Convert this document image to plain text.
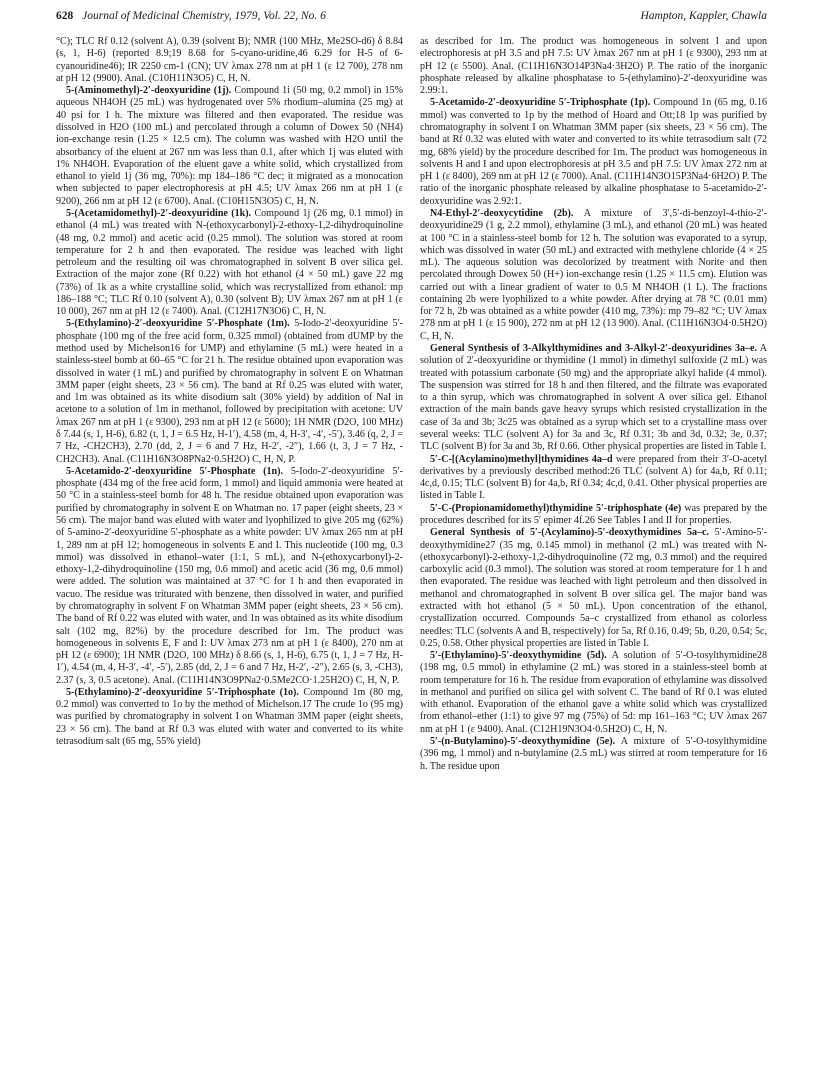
628 Journal of Medicinal Chemistry, 1979, Vol. 22, No. 6	Hampton, Kappler, Chawla

°C); TLC Rf 0.12 (solvent A), 0.39 (solvent B); NMR (100 MHz, Me2SO-d6) δ 8.84 (s, 1, H-6) (reported 8.9;19 8.68 for 5-cyano-uridine,46 6.29 for H-5 of 6-cyanouridine46); IR 2250 cm-1 (CN); UV λmax 278 nm at pH 1 (ε 12 700), 278 nm at pH 12 (9900). Anal. (C10H11N3O5) C, H, N.

5-(Aminomethyl)-2′-deoxyuridine (1j). Compound 1i (50 mg, 0.2 mmol) in 15% aqueous NH4OH (25 mL) was hydrogenated over 5% rhodium–alumina (25 mg) at 40 psi for 1 h. The mixture was filtered and then evaporated. The residue was dissolved in H2O (100 mL) and percolated through a column of Dowex 50 (NH4) ion-exchange resin (1.25 × 12.5 cm). The column was washed with H2O until the absorbancy of the eluent at 267 nm was less than 0.1, after which 1j was eluted with 1% NH4OH. Evaporation of the eluent gave a white solid, which crystallized from ethanol to yield 1j (36 mg, 70%): mp 184–186 °C dec; it migrated as a monocation when subjected to paper electrophoresis at pH 4.5; UV λmax 266 nm at pH 1 (ε 9200), 266 nm at pH 12 (ε 6700). Anal. (C10H15N3O5) C, H, N.

5-(Acetamidomethyl)-2′-deoxyuridine (1k). Compound 1j (26 mg, 0.1 mmol) in ethanol (4 mL) was treated with N-(ethoxycarbonyl)-2-ethoxy-1,2-dihydroquinoline (48 mg, 0.2 mmol) and acetic acid (0.25 mmol). The solution was stored at room temperature for 2 h and then evaporated. The residue was leached with light petroleum and the resulting oil was chromatographed in solvent B over silica gel. Extraction of the major zone (Rf 0.22) with hot ethanol (4 × 50 mL) gave 22 mg (73%) of 1k as a white crystalline solid, which was recrystallized from ethanol: mp 186–188 °C; TLC Rf 0.10 (solvent A), 0.30 (solvent B); UV λmax 267 nm at pH 1 (ε 10 000), 267 nm at pH 12 (ε 7400). Anal. (C12H17N3O6) C, H, N.

5-(Ethylamino)-2′-deoxyuridine 5′-Phosphate (1m). 5-Iodo-2′-deoxyuridine 5′-phosphate (100 mg of the free acid form, 0.325 mmol) (obtained from dUMP by the method used by Michelson16 for UMP) and ethylamine (5 mL) were heated in a stainless-steel bomb at 60–65 °C for 21 h. The residue obtained upon evaporation was dissolved in water (1 mL) and purified by chromatography in solvent E on Whatman 3MM paper (eight sheets, 23 × 56 cm). The band at Rf 0.25 was eluted with water, and 1m was obtained as its white disodium salt (30% yield) by addition of NaI in acetone to a solution of 1m in methanol, followed by precipitation with acetone: UV λmax 267 nm at pH 1 (ε 9300), 293 nm at pH 12 (ε 5600); 1H NMR (D2O, 100 MHz) δ 7.44 (s, 1, H-6), 6.82 (t, 1, J = 6.5 Hz, H-1′), 4.58 (m, 4, H-3′, -4′, -5′), 3.46 (q, 2, J = 7 Hz, -CH2CH3), 2.70 (dd, 2, J = 6 and 7 Hz, H-2′, -2″), 1.66 (t, 3, J = 7 Hz, -CH2CH3). Anal. (C11H16N3O8PNa2·0.5H2O) C, H, N, P.

5-Acetamido-2′-deoxyuridine 5′-Phosphate (1n). 5-Iodo-2′-deoxyuridine 5′-phosphate (434 mg of the free acid form, 1 mmol) and liquid ammonia were heated at 50 °C in a stainless-steel bomb for 48 h. The residue obtained upon evaporation was purified by chromatography in solvent E on Whatman no. 17 paper (eight sheets, 23 × 56 cm). The major band was eluted with water and lyophilized to give 205 mg (62%) of 5-amino-2′-deoxyuridine 5′-phosphate as a white powder: UV λmax 265 nm at pH 1, 289 nm at pH 12; homogeneous in solvents E and I. This nucleotide (100 mg, 0.3 mmol) was dissolved in ethanol–water (1:1, 5 mL), and N-(ethoxycarbonyl)-2-ethoxy-1,2-dihydroquinoline (150 mg, 0.6 mmol) and acetic acid (36 mg, 0.6 mmol) were added. The solution was maintained at 37 °C for 1 h and then evaporated in vacuo. The residue was triturated with benzene, then dissolved in water, and purified by chromatography in solvent F on Whatman 3MM paper (eight sheets, 23 × 56 cm). The band of Rf 0.22 was eluted with water, and 1n was obtained as its white disodium salt (102 mg, 82%) by the procedure described for 1m. The product was homogeneous in solvents E, F and I: UV λmax 273 nm at pH 1 (ε 8400), 270 nm at pH 12 (ε 6900); 1H NMR (D2O, 100 MHz) δ 8.66 (s, 1, H-6), 6.75 (t, 1, J = 7 Hz, H-1′), 4.54 (m, 4, H-3′, -4′, -5′), 2.85 (dd, 2, J = 6 and 7 Hz, H-2′, -2″), 2.65 (s, 3, -CH3), 2.37 (s, 3, 0.5 acetone). Anal. (C11H14N3O9PNa2·0.5Me2CO·1.25H2O) C, H, N, P.

5-(Ethylamino)-2′-deoxyuridine 5′-Triphosphate (1o). Compound 1m (80 mg, 0.2 mmol) was converted to 1o by the method of Michelson.17 The crude 1o (95 mg) was purified by chromatography in solvent I on Whatman 3MM paper (eight sheets, 23 × 56 cm). The band at Rf 0.3 was eluted with water and converted to its white tetrasodium salt (65 mg, 55% yield)

as described for 1m. The product was homogeneous in solvent I and upon electrophoresis at pH 3.5 and pH 7.5: UV λmax 267 nm at pH 1 (ε 9300), 293 nm at pH 12 (ε 5500). Anal. (C11H16N3O14P3Na4·3H2O) P. The ratio of the inorganic phosphate released by alkaline phosphatase to 5-(ethylamino)-2′-deoxyuridine was 2.99:1.

5-Acetamido-2′-deoxyuridine 5′-Triphosphate (1p). Compound 1n (65 mg, 0.16 mmol) was converted to 1p by the method of Hoard and Ott;18 1p was purified by chromatography in solvent I on Whatman 3MM paper (six sheets, 23 × 56 cm). The band at Rf 0.32 was eluted with water and converted to its white tetrasodium salt (72 mg, 68% yield) by the procedure described for 1m. The product was homogeneous in solvents H and I and upon electrophoresis at pH 3.5 and pH 7.5: UV λmax 272 nm at pH 1 (ε 8400), 269 nm at pH 12 (ε 7000). Anal. (C11H14N3O15P3Na4·6H2O) P. The ratio of the inorganic phosphate released by alkaline phosphatase to 5-acetamido-2′-deoxyuridine was 2.92:1.

N4-Ethyl-2′-deoxycytidine (2b). A mixture of 3′,5′-di-benzoyl-4-thio-2′-deoxyuridine29 (1 g, 2.2 mmol), ethylamine (3 mL), and ethanol (20 mL) was heated at 100 °C in a stainless-steel bomb for 12 h. The solution was evaporated to a syrup, which was dissolved in water (50 mL) and extracted with methylene chloride (4 × 25 mL). The aqueous solution was decolorized by treatment with Norite and then percolated through Dowex 50 (H+) ion-exchange resin (1.25 × 11.5 cm). Elution was carried out with a linear gradient of water to 0.5 M NH4OH (1 L). The fractions containing 2b were lyophilized to a white powder. After drying at 78 °C (0.01 mm) for 72 h, 2b was obtained as a white powder (410 mg, 73%): mp 79–82 °C; UV λmax 278 nm at pH 1 (ε 15 900), 272 nm at pH 12 (13 900). Anal. (C11H16N3O4·0.5H2O) C, H, N.

General Synthesis of 3-Alkylthymidines and 3-Alkyl-2′-deoxyuridines 3a–e. A solution of 2′-deoxyuridine or thymidine (1 mmol) in dimethyl sulfoxide (2 mL) was treated with potassium carbonate (50 mg) and the appropriate alkyl halide (4 mmol). The suspension was stirred for 18 h and then filtered, and the filtrate was evaporated to a thin syrup, which was chromatographed in solvent A over silica gel. Ethanol extraction of the main bands gave heavy syrups which resisted crystallization in the case of 3a and 3b; 3c25 was obtained as a syrup which set to a crystalline mass over several weeks: TLC (solvent A) for 3a and 3c, Rf 0.31; 3b and 3d, 0.32; 3e, 0.37; TLC (solvent B) for 3a and 3b, Rf 0.66. Other physical properties are listed in Table I.

5′-C-[(Acylamino)methyl]thymidines 4a–d were prepared from their 3′-O-acetyl derivatives by a previously described method:26 TLC (solvent A) for 4a,b, Rf 0.11; 4c,d, 0.15; TLC (solvent B) for 4a,b, Rf 0.34; 4c,d, 0.41. Other physical properties are listed in Table I.

5′-C-(Propionamidomethyl)thymidine 5′-triphosphate (4e) was prepared by the procedures described for its 5′ epimer 4f.26 See Tables I and II for properties.

General Synthesis of 5′-(Acylamino)-5′-deoxythymidines 5a–c. 5′-Amino-5′-deoxythymidine27 (35 mg, 0.145 mmol) in methanol (2 mL) was treated with N-(ethoxycarbonyl)-2-ethoxy-1,2-dihydroquinoline (72 mg, 0.3 mmol) and the required carboxylic acid (0.3 mmol). The solution was stored at room temperature for 1 h and then evaporated. The residue was leached with light petroleum and then dissolved in methanol and chromatographed in solvent B over silica gel. The major band was extracted with hot ethanol (5 × 50 mL). Upon concentration of the ethanol, crystallization occurred. Compounds 5a–c crystallized from ethanol as colorless needles: TLC (solvents A and B, respectively) for 5a, Rf 0.16, 0.49; 5b, 0.20, 0.54; 5c, 0.25, 0.58. Other physical properties are listed in Table I.

5′-(Ethylamino)-5′-deoxythymidine (5d). A solution of 5′-O-tosylthymidine28 (198 mg, 0.5 mmol) in ethylamine (2 mL) was stored in a stainless-steel bomb at room temperature for 16 h. The residue from evaporation of ethylamine was dissolved in methanol and purified on silica gel with solvent C. The band of Rf 0.1 was eluted with ethanol. Evaporation of the ethanol gave a white solid which was crystallized from ethanol–ether (1:1) to give 97 mg (75%) of 5d: mp 161–163 °C; UV λmax 267 nm at pH 1 (ε 9400). Anal. (C12H19N3O4·0.5H2O) C, H, N.

5′-(n-Butylamino)-5′-deoxythymidine (5e). A mixture of 5′-O-tosylthymidine (396 mg, 1 mmol) and n-butylamine (2.5 mL) was stirred at room temperature for 16 h. The residue upon
